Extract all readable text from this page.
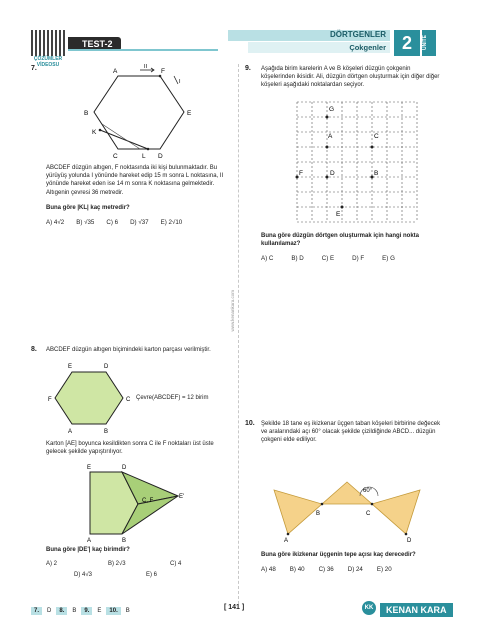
ÇÖZÜMLER VİDEOSU
TEST-2
DÖRTGENLER
Çokgenler 2	ÜNİTE
www.kenankara.com
7.	A	F
B	E
C	D
K
L
I
II
ABCDEF düzgün altıgen, F noktasında iki kişi bulunmaktadır. Bu yürüyüş yolunda I yönünde hareket edip 15 m sonra L noktasına, II yönünde hareket eden ise 14 m sonra K noktasına gelmektedir. Altıgenin çevresi 36 metredir.
Buna göre |KL| kaç metredir?
A) 4√2 B) √35 C) 6 D) √37 E) 2√10
8. ABCDEF düzgün altıgen biçimindeki karton parçası verilmiştir.
E	D
F	C
A	B
Çevre(ABCDEF) = 12 birim
Karton [AE] boyunca kesildikten sonra C ile F noktaları üst üste gelecek şekilde yapıştırılıyor.
E	D
C, F
E'
A	B
Buna göre |DE'| kaç birimdir?
A) 2	B) 2√3	C) 4
D) 4√3	E) 6
9. Aşağıda birim karelerin A ve B köşeleri düzgün çokgenin köşelerinden ikisidir. Ali, düzgün dörtgen oluşturmak için diğer diğer köşeleri aşağıdaki noktalardan seçiyor.
G
A	C
F	D	B
E
Buna göre düzgün dörtgen oluşturmak için hangi nokta kullanılamaz?
A) C	B) D	C) E	D) F	E) G
10. Şekilde 18 tane eş ikizkenar üçgen taban köşeleri birbirine değecek ve aralarındaki açı 60° olacak şekilde çizildiğinde ABCD... düzgün çokgeni elde ediliyor.
60°
B	C
A	D
Buna göre ikizkenar üçgenin tepe açısı kaç derecedir?
A) 48 B) 40 C) 36 D) 24 E) 20
7.	D	8.	B	9.	E	10.	B	[ 141 ]	KK	KENAN KARA
